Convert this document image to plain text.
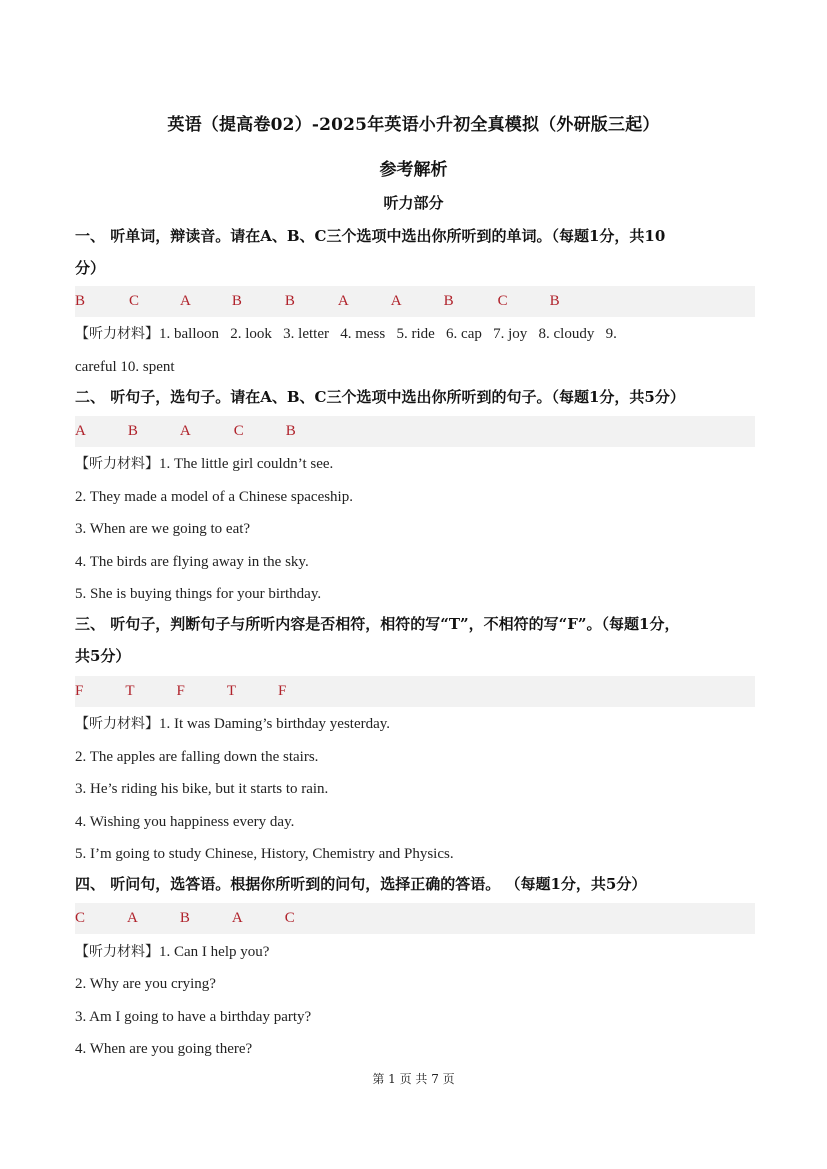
英语（提高卷02）-2025年英语小升初全真模拟（外研版三起）
参考解析
听力部分
一、 听单词，辩读音。请在A、B、C三个选项中选出你所听到的单词。（每题1分，共10
分）
B	C	A	B	B	A	A	B	C	B
【听力材料】1. balloon   2. look   3. letter   4. mess   5. ride   6. cap   7. joy   8. cloudy   9.
careful 10. spent
二、 听句子，选句子。请在A、B、C三个选项中选出你所听到的句子。（每题1分，共5分）
A	B	A	C	B
【听力材料】1. The little girl couldn’t see.
2. They made a model of a Chinese spaceship.
3. When are we going to eat?
4. The birds are flying away in the sky.
5. She is buying things for your birthday.
三、 听句子，判断句子与所听内容是否相符，相符的写“T”，不相符的写“F”。（每题1分，
共5分）
F	T	F	T	F
【听力材料】1. It was Daming’s birthday yesterday.
2. The apples are falling down the stairs.
3. He’s riding his bike, but it starts to rain.
4. Wishing you happiness every day.
5. I’m going to study Chinese, History, Chemistry and Physics.
四、 听问句，选答语。根据你所听到的问句，选择正确的答语。 （每题1分，共5分）
C	A	B	A	C
【听力材料】1. Can I help you?
2. Why are you crying?
3. Am I going to have a birthday party?
4. When are you going there?
第 1 页 共 7 页
